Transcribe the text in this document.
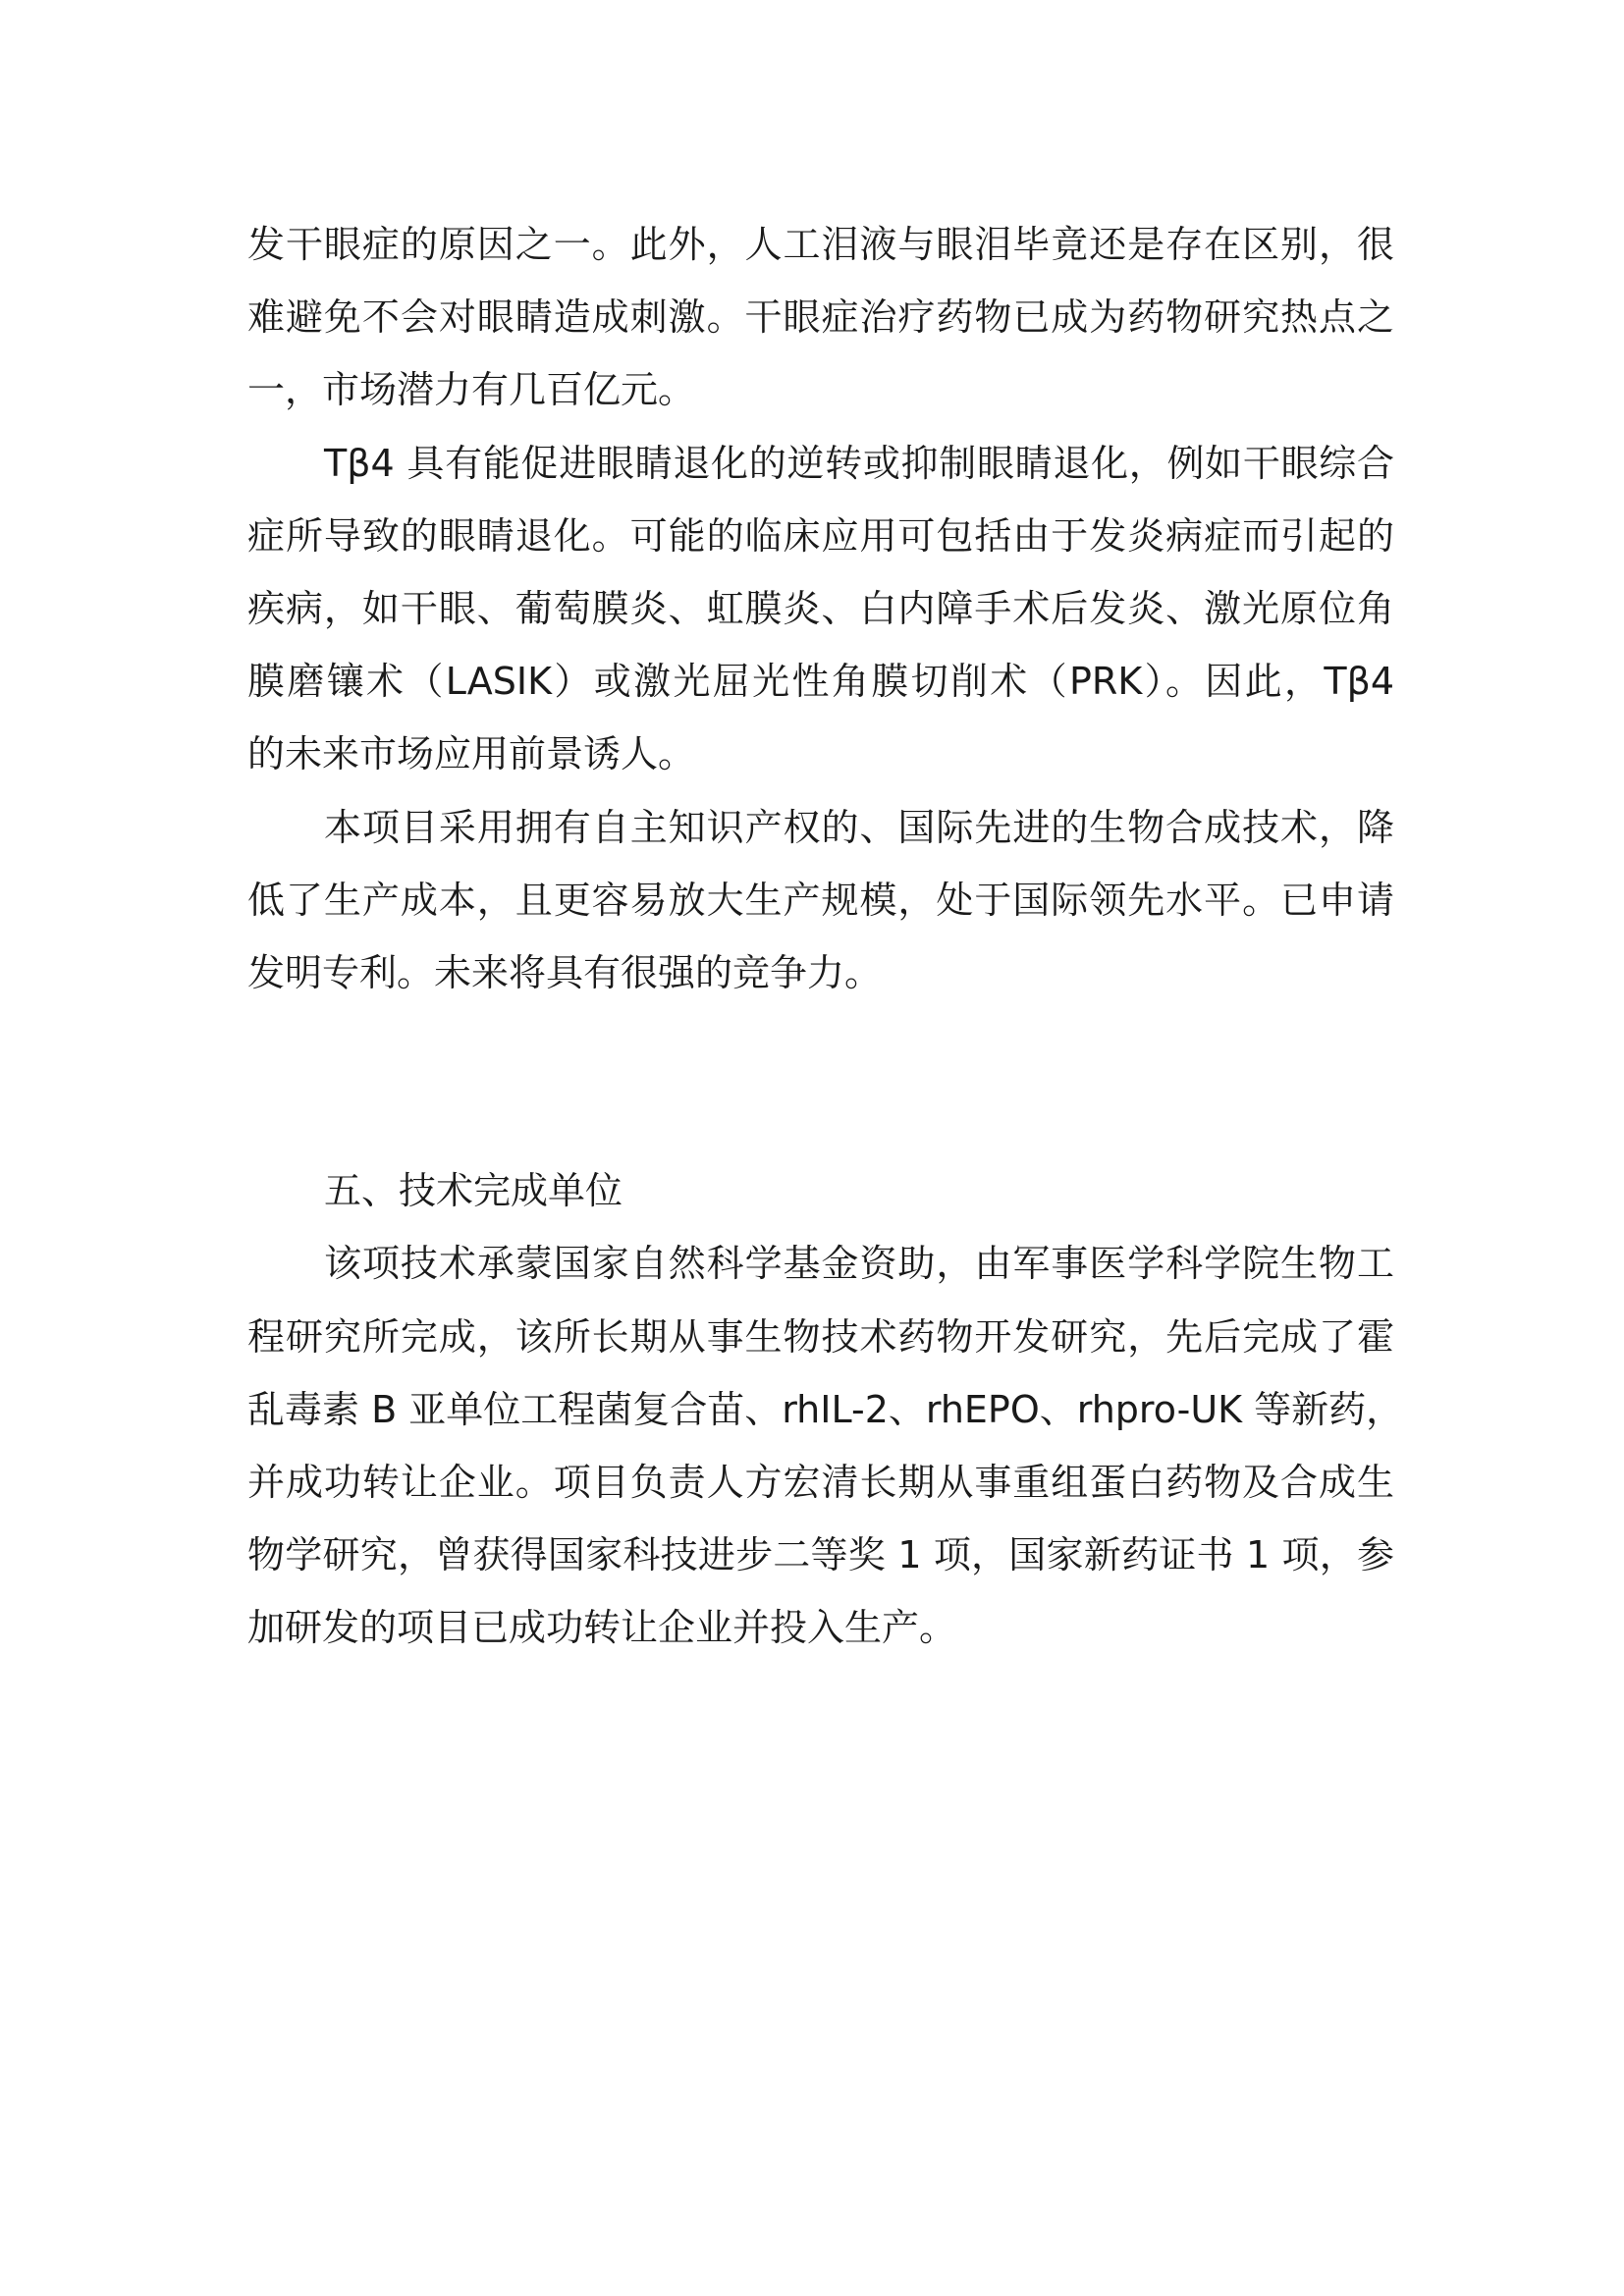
发干眼症的原因之一。此外，人工泪液与眼泪毕竟还是存在区别，很
难避免不会对眼睛造成刺激。干眼症治疗药物已成为药物研究热点之
一，市场潜力有几百亿元。
Tβ4 具有能促进眼睛退化的逆转或抑制眼睛退化，例如干眼综合
症所导致的眼睛退化。可能的临床应用可包括由于发炎病症而引起的
疾病，如干眼、葡萄膜炎、虹膜炎、白内障手术后发炎、激光原位角
膜磨镶术（LASIK）或激光屈光性角膜切削术（PRK）。因此，Tβ4
的未来市场应用前景诱人。
本项目采用拥有自主知识产权的、国际先进的生物合成技术，降
低了生产成本，且更容易放大生产规模，处于国际领先水平。已申请
发明专利。未来将具有很强的竞争力。

五、技术完成单位

该项技术承蒙国家自然科学基金资助，由军事医学科学院生物工
程研究所完成，该所长期从事生物技术药物开发研究，先后完成了霍
乱毒素 B 亚单位工程菌复合苗、rhIL-2、rhEPO、rhpro-UK 等新药，
并成功转让企业。项目负责人方宏清长期从事重组蛋白药物及合成生
物学研究，曾获得国家科技进步二等奖 1 项，国家新药证书 1 项，参
加研发的项目已成功转让企业并投入生产。
